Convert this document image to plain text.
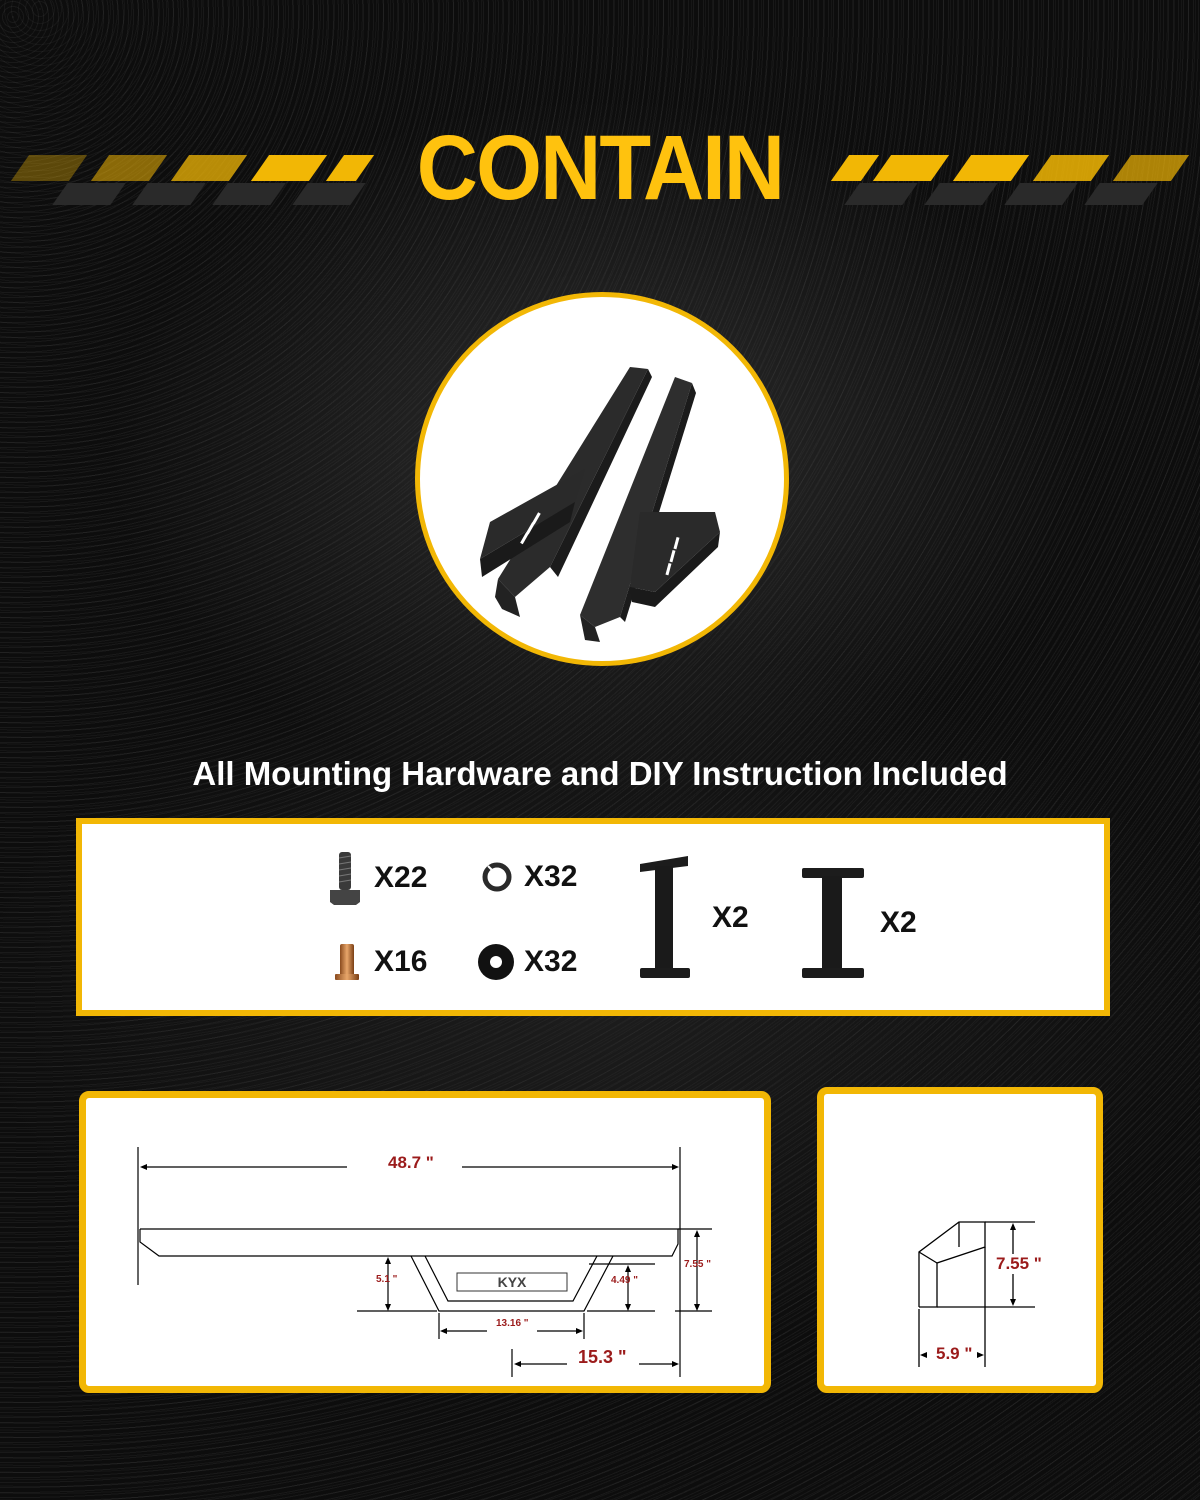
CONTAIN
All Mounting Hardware and DIY Instruction Included
X22	X32
X16	X32
X2	X2
KYX
48.7 "
5.1 "	4.49 "
7.55 "
13.16 "
15.3 "
7.55 "
5.9 "
